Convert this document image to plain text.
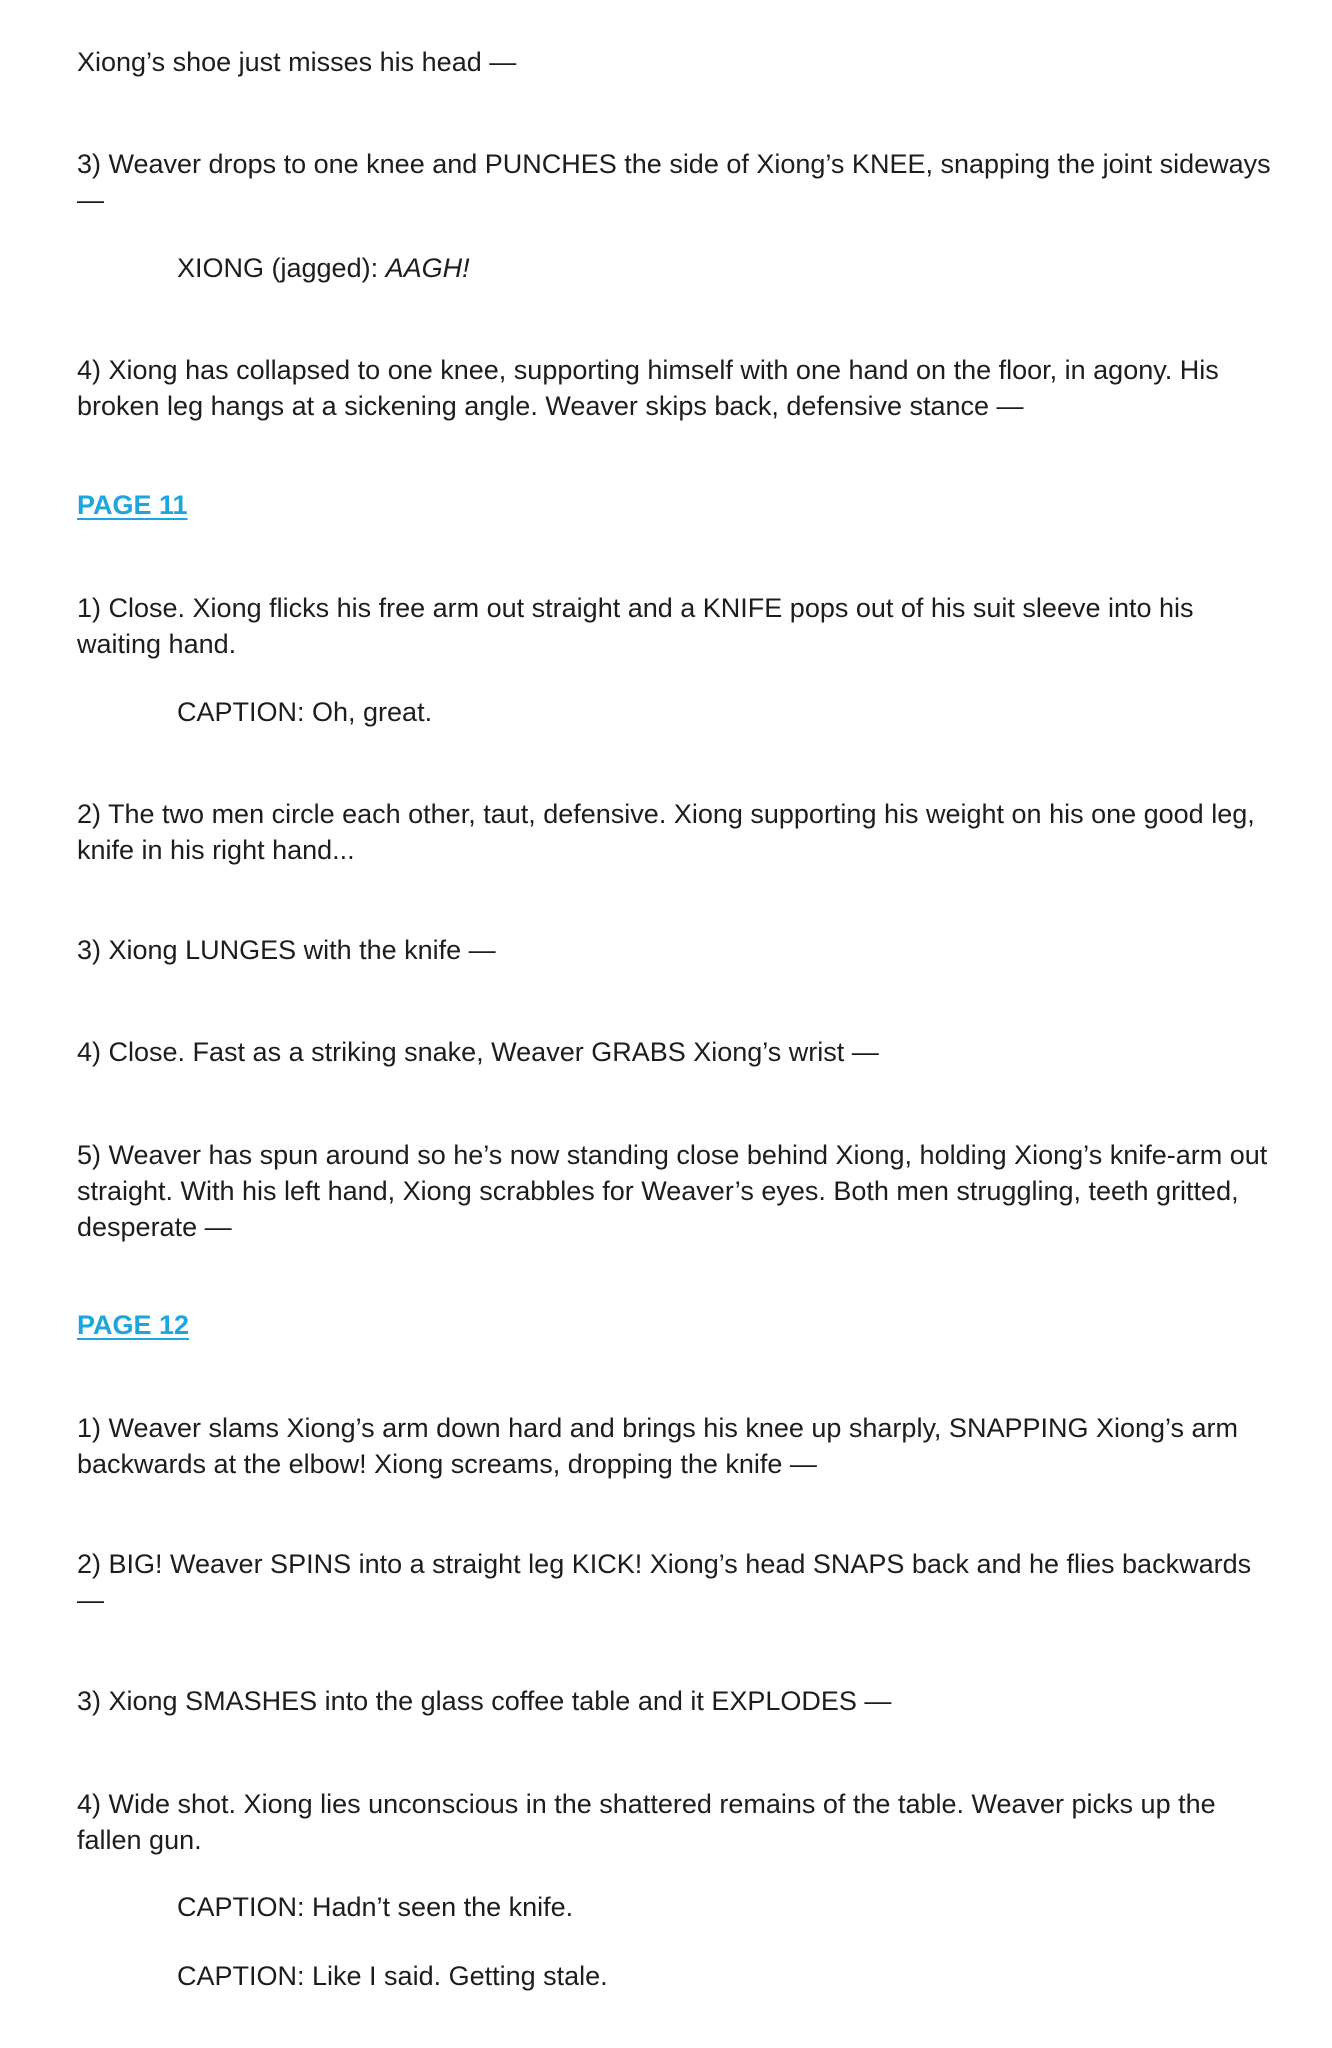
Xiong’s shoe just misses his head —

3) Weaver drops to one knee and PUNCHES the side of Xiong’s KNEE, snapping the joint sideways —

XIONG (jagged): AAGH!

4) Xiong has collapsed to one knee, supporting himself with one hand on the floor, in agony. His broken leg hangs at a sickening angle. Weaver skips back, defensive stance —

PAGE 11

1) Close. Xiong flicks his free arm out straight and a KNIFE pops out of his suit sleeve into his waiting hand.

CAPTION: Oh, great.

2) The two men circle each other, taut, defensive. Xiong supporting his weight on his one good leg, knife in his right hand...

3) Xiong LUNGES with the knife —

4) Close. Fast as a striking snake, Weaver GRABS Xiong’s wrist —

5) Weaver has spun around so he’s now standing close behind Xiong, holding Xiong’s knife-arm out straight. With his left hand, Xiong scrabbles for Weaver’s eyes. Both men struggling, teeth gritted, desperate —

PAGE 12

1) Weaver slams Xiong’s arm down hard and brings his knee up sharply, SNAPPING Xiong’s arm backwards at the elbow! Xiong screams, dropping the knife —

2) BIG! Weaver SPINS into a straight leg KICK! Xiong’s head SNAPS back and he flies backwards —

3) Xiong SMASHES into the glass coffee table and it EXPLODES —

4) Wide shot. Xiong lies unconscious in the shattered remains of the table. Weaver picks up the fallen gun.

CAPTION: Hadn’t seen the knife.

CAPTION: Like I said. Getting stale.
